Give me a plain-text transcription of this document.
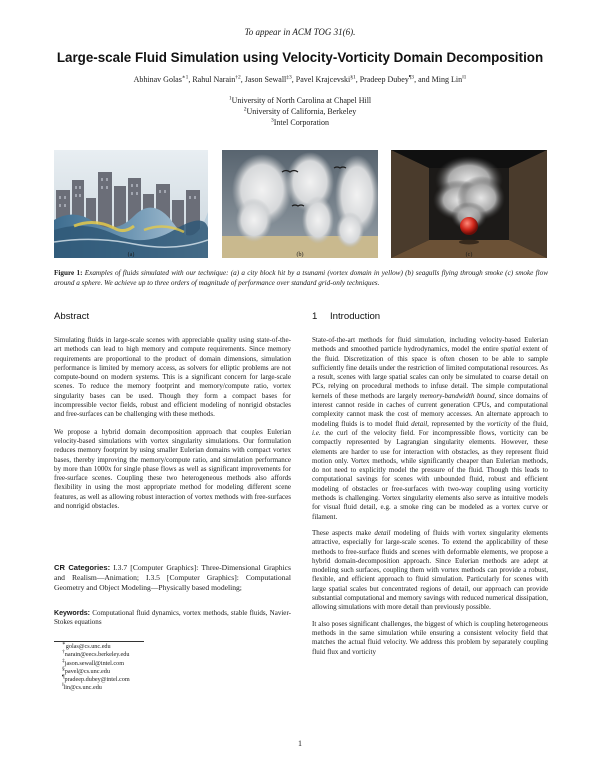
To appear in ACM TOG 31(6).
Large-scale Fluid Simulation using Velocity-Vorticity Domain Decomposition
Abhinav Golas$^{∗1}$, Rahul Narain$^{\dagger 2}$, Jason Sewall$^{\ddagger 3}$, Pavel Krajcevski$^{\S 1}$, Pradeep Dubey$^{\P 3}$, and Ming Lin$^{‖1}$
$^1$University of North Carolina at Chapel Hill
$^2$University of California, Berkeley
$^3$Intel Corporation
(a)	(b)	(c)
Figure 1: Examples of fluids simulated with our technique: (a) a city block hit by a tsunami (vortex domain in yellow) (b) seagulls flying through smoke (c) smoke flow around a sphere. We achieve up to three orders of magnitude of performance over standard grid-only techniques.
Abstract

Simulating fluids in large-scale scenes with appreciable quality using state-of-the-art methods can lead to high memory and compute requirements. Since memory requirements are proportional to the product of domain dimensions, simulation performance is limited by memory access, as solvers for elliptic problems are not compute-bound on modern systems. This is a significant concern for large-scale scenes. To reduce the memory footprint and memory/compute ratio, vortex singularity bases can be used. Though they form a compact bases for incompressible vector fields, robust and efficient modeling of nonrigid obstacles and free-surfaces can be challenging with these methods.

We propose a hybrid domain decomposition approach that couples Eulerian velocity-based simulations with vortex singularity simulations. Our formulation reduces memory footprint by using smaller Eulerian domains with compact vortex bases, thereby improving the memory/compute ratio, and simulation performance by more than 1000x for single phase flows as well as significant improvements for free-surface scenes. Coupling these two heterogeneous methods also affords flexibility in using the most appropriate method for modeling different scene features, as well as allowing robust interaction of vortex methods with free-surfaces and nonrigid obstacles.

CR Categories: I.3.7 [Computer Graphics]: Three-Dimensional Graphics and Realism—Animation; I.3.5 [Computer Graphics]: Computational Geometry and Object Modeling—Physically based modeling;
Keywords: Computational fluid dynamics, vortex methods, stable fluids, Navier-Stokes equations
∗golas@cs.unc.edu
†narain@eecs.berkeley.edu
‡jason.sewall@intel.com
§pavel@cs.unc.edu
¶pradeep.dubey@intel.com
‖lin@cs.unc.edu
1 Introduction

State-of-the-art methods for fluid simulation, including velocity-based Eulerian methods and smoothed particle hydrodynamics, model the entire spatial extent of the fluid. Discretization of this space is often chosen to be able to sample sufficiently fine details under the restriction of limited computational resources. As a result, scenes with large spatial scales can only be simulated to coarse detail on PCs, relying on procedural methods to infuse detail. The simple computational kernels of these methods are largely memory-bandwidth bound, since domains of interest cannot reside in caches of current generation CPUs, and computational complexity cannot mask the cost of memory accesses. An alternate approach to modeling fluids is to model fluid detail, represented by the vorticity of the fluid, i.e. the curl of the velocity field. For incompressible flows, vorticity can be compactly represented by Lagrangian singularity elements. However, these elements are harder to use for interaction with obstacles, as they represent fluid motion only. Vortex methods, while significantly cheaper than Eulerian methods, do not need to explicitly model the pressure of the fluid. Though this leads to computational savings for scenes with unbounded fluid, robust and efficient modeling of obstacles or free-surfaces with two-way coupling using vorticity methods is challenging. Vortex singularity elements also serve as intuitive models for visual fluid detail, e.g. a smoke ring can be modeled as a vortex curve or filament.

These aspects make detail modeling of fluids with vortex singularity elements attractive, especially for large-scale scenes. To extend the applicability of these methods to free-surface fluids and scenes with deformable elements, we propose a hybrid domain-decomposition approach. Since Eulerian methods are adept at modeling such surfaces, coupling them with vortex methods can provide a robust, flexible, and efficient approach to fluid simulation. Particularly for scenes with large spatial scales but concentrated regions of detail, our approach can provide substantial computational and memory savings with reduced numerical dissipation, allowing simulations with more detail than previously possible.

It also poses significant challenges, the biggest of which is coupling heterogeneous methods in the same simulation while ensuring a consistent velocity field that matches the actual fluid velocity. We address this problem by separately coupling fluid flux and vorticity

1
